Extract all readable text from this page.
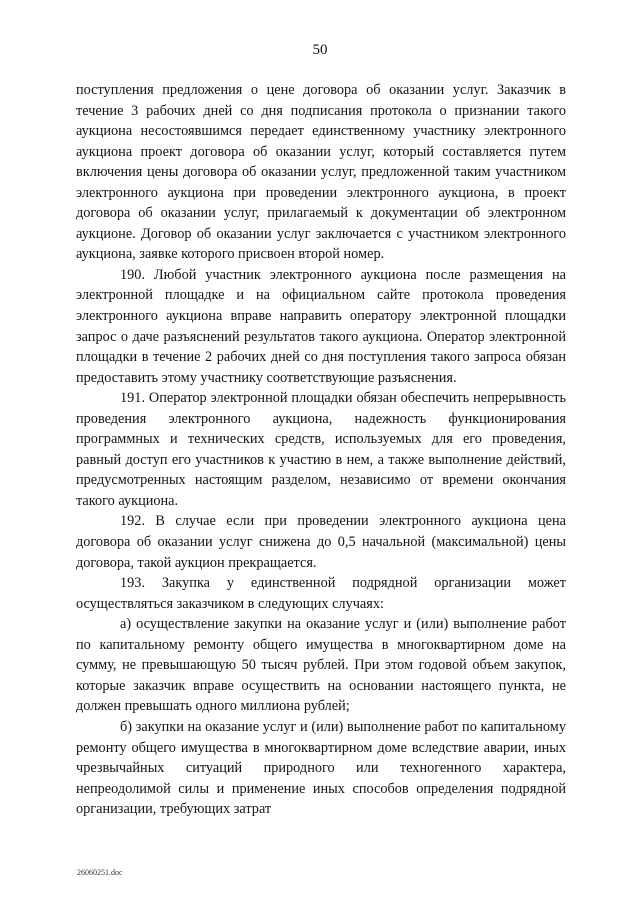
50

поступления предложения о цене договора об оказании услуг. Заказчик в течение 3 рабочих дней со дня подписания протокола о признании такого аукциона несостоявшимся передает единственному участнику электронного аукциона проект договора об оказании услуг, который составляется путем включения цены договора об оказании услуг, предложенной таким участником электронного аукциона при проведении электронного аукциона, в проект договора об оказании услуг, прилагаемый к документации об электронном аукционе. Договор об оказании услуг заключается с участником электронного аукциона, заявке которого присвоен второй номер.

190. Любой участник электронного аукциона после размещения на электронной площадке и на официальном сайте протокола проведения электронного аукциона вправе направить оператору электронной площадки запрос о даче разъяснений результатов такого аукциона. Оператор электронной площадки в течение 2 рабочих дней со дня поступления такого запроса обязан предоставить этому участнику соответствующие разъяснения.

191. Оператор электронной площадки обязан обеспечить непрерывность проведения электронного аукциона, надежность функционирования программных и технических средств, используемых для его проведения, равный доступ его участников к участию в нем, а также выполнение действий, предусмотренных настоящим разделом, независимо от времени окончания такого аукциона.

192. В случае если при проведении электронного аукциона цена договора об оказании услуг снижена до 0,5 начальной (максимальной) цены договора, такой аукцион прекращается.

193. Закупка у единственной подрядной организации может осуществляться заказчиком в следующих случаях:

а) осуществление закупки на оказание услуг и (или) выполнение работ по капитальному ремонту общего имущества в многоквартирном доме на сумму, не превышающую 50 тысяч рублей. При этом годовой объем закупок, которые заказчик вправе осуществить на основании настоящего пункта, не должен превышать одного миллиона рублей;

б) закупки на оказание услуг и (или) выполнение работ по капитальному ремонту общего имущества в многоквартирном доме вследствие аварии, иных чрезвычайных ситуаций природного или техногенного характера, непреодолимой силы и применение иных способов определения подрядной организации, требующих затрат

26060251.doc
